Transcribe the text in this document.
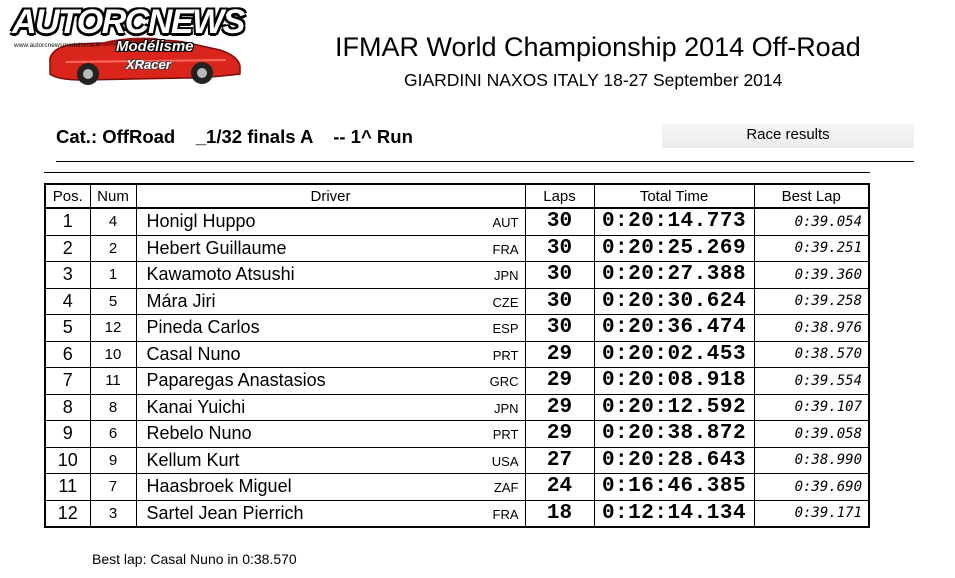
AUTORCNEWS
www.autorcnewsmodelisme.fr Modélisme
XRacer
IFMAR World Championship 2014 Off-Road
GIARDINI NAXOS ITALY 18-27 September 2014
Cat.: OffRoad    _1/32 finals A    -- 1^ Run	Race results
Pos.	Num	Driver	Laps	Total Time	Best Lap
1	4	Honigl Huppo AUT	30	0:20:14.773	0:39.054
2	2	Hebert Guillaume FRA	30	0:20:25.269	0:39.251
3	1	Kawamoto Atsushi JPN	30	0:20:27.388	0:39.360
4	5	Mára Jiri CZE	30	0:20:30.624	0:39.258
5	12	Pineda Carlos ESP	30	0:20:36.474	0:38.976
6	10	Casal Nuno PRT	29	0:20:02.453	0:38.570
7	11	Paparegas Anastasios GRC	29	0:20:08.918	0:39.554
8	8	Kanai Yuichi JPN	29	0:20:12.592	0:39.107
9	6	Rebelo Nuno PRT	29	0:20:38.872	0:39.058
10	9	Kellum Kurt USA	27	0:20:28.643	0:38.990
11	7	Haasbroek Miguel ZAF	24	0:16:46.385	0:39.690
12	3	Sartel Jean Pierrich FRA	18	0:12:14.134	0:39.171
Best lap: Casal Nuno in 0:38.570
